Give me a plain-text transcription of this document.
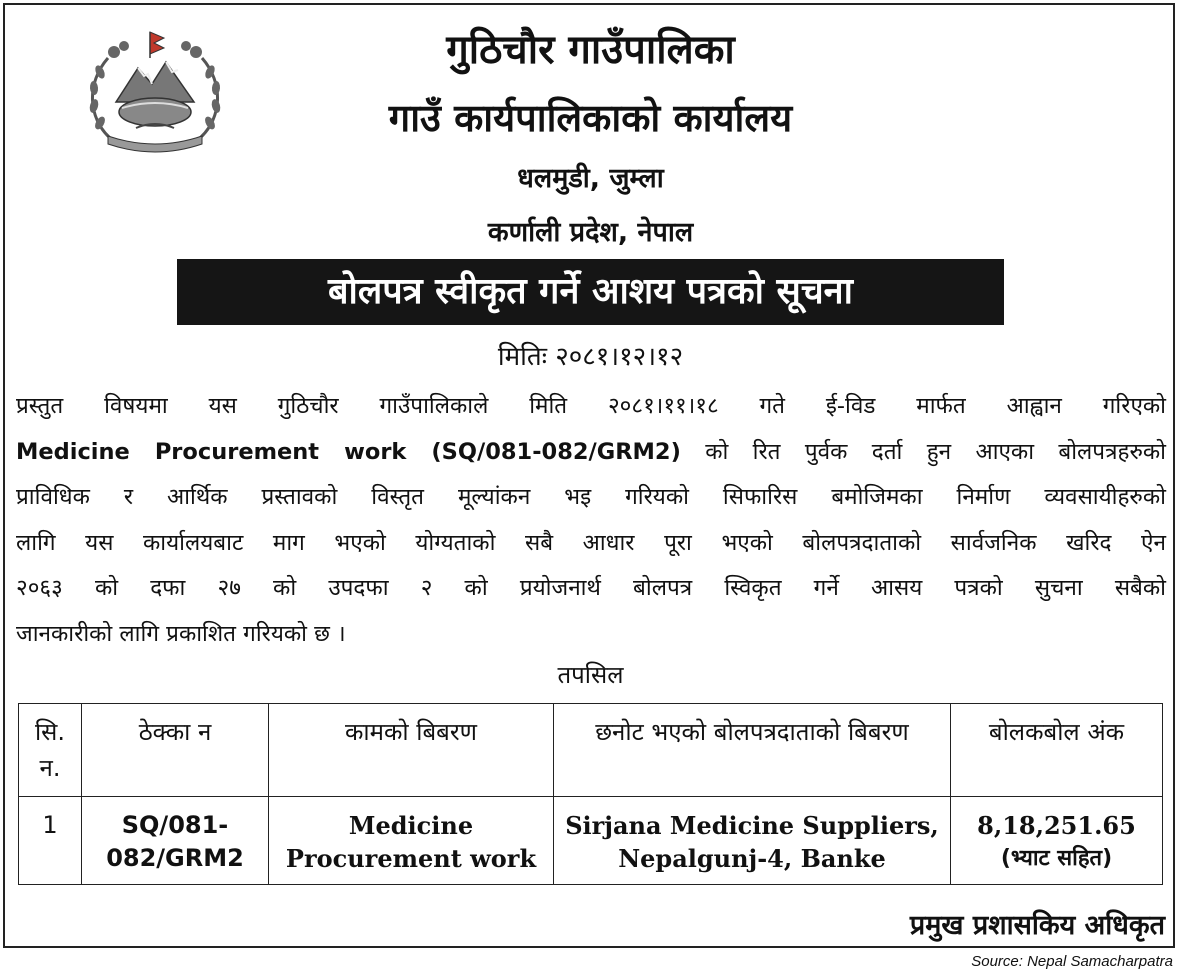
गुठिचौर गाउँपालिका
गाउँ कार्यपालिकाको कार्यालय
धलमुडी, जुम्ला
कर्णाली प्रदेश, नेपाल
बोलपत्र स्वीकृत गर्ने आशय पत्रको सूचना
मितिः २०८१।१२।१२
प्रस्तुत विषयमा यस गुठिचौर गाउँपालिकाले मिति २०८१।११।१८ गते ई-विड मार्फत आह्वान गरिएको
Medicine Procurement work (SQ/081-082/GRM2) को रित पुर्वक दर्ता हुन आएका बोलपत्रहरुको
प्राविधिक र आर्थिक प्रस्तावको विस्तृत मूल्यांकन भइ गरियको सिफारिस बमोजिमका निर्माण व्यवसायीहरुको
लागि यस कार्यालयबाट माग भएको योग्यताको सबै आधार पूरा भएको बोलपत्रदाताको सार्वजनिक खरिद ऐन
२०६३ को दफा २७ को उपदफा २ को प्रयोजनार्थ बोलपत्र स्विकृत गर्ने आसय पत्रको सुचना सबैको
जानकारीको लागि प्रकाशित गरियको छ ।
तपसिल
सि. न.	ठेक्का न	कामको बिबरण	छनोट भएको बोलपत्रदाताको बिबरण	बोलकबोल अंक
1	SQ/081-082/GRM2	Medicine Procurement work	Sirjana Medicine Suppliers, Nepalgunj-4, Banke	8,18,251.65
(भ्याट सहित)
प्रमुख प्रशासकिय अधिकृत
Source: Nepal Samacharpatra
